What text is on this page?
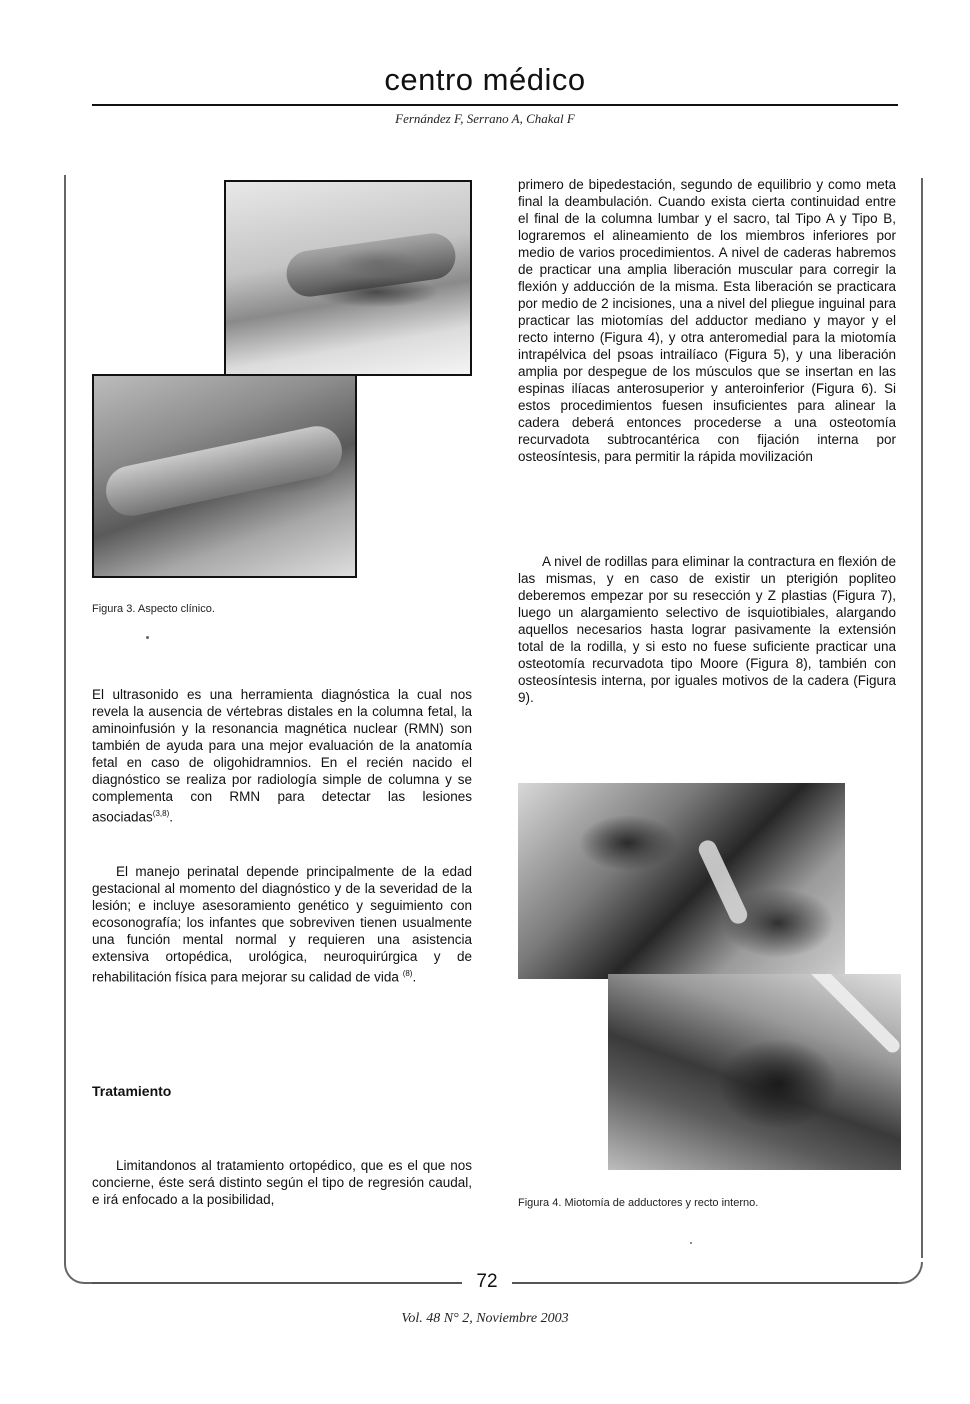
centro médico
Fernández F, Serrano A, Chakal F
Figura 3. Aspecto clínico.
El ultrasonido es una herramienta diagnóstica la cual nos revela la ausencia de vértebras distales en la columna fetal, la aminoinfusión y la resonancia magnética nuclear (RMN) son también de ayuda para una mejor evaluación de la anatomía fetal en caso de oligohidramnios. En el recién nacido el diagnóstico se realiza por radiología simple de columna y se complementa con RMN para detectar las lesiones asociadas$^{(3,8)}$.
El manejo perinatal depende principalmente de la edad gestacional al momento del diagnóstico y de la severidad de la lesión; e incluye asesoramiento genético y seguimiento con ecosonografía; los infantes que sobreviven tienen usualmente una función mental normal y requieren una asistencia extensiva ortopédica, urológica, neuroquirúrgica y de rehabilitación física para mejorar su calidad de vida $^{(8)}$.
Tratamiento
Limitandonos al tratamiento ortopédico, que es el que nos concierne, éste será distinto según el tipo de regresión caudal, e irá enfocado a la posibilidad,
primero de bipedestación, segundo de equilibrio y como meta final la deambulación. Cuando exista cierta continuidad entre el final de la columna lumbar y el sacro, tal Tipo A y Tipo B, lograremos el alineamiento de los miembros inferiores por medio de varios procedimientos. A nivel de caderas habremos de practicar una amplia liberación muscular para corregir la flexión y adducción de la misma. Esta liberación se practicara por medio de 2 incisiones, una a nivel del pliegue inguinal para practicar las miotomías del adductor mediano y mayor y el recto interno (Figura 4), y otra anteromedial para la miotomía intrapélvica del psoas intrailíaco (Figura 5), y una liberación amplia por despegue de los músculos que se insertan en las espinas ilíacas anterosuperior y anteroinferior (Figura 6). Si estos procedimientos fuesen insuficientes para alinear la cadera deberá entonces procederse a una osteotomía recurvadota subtrocantérica con fijación interna por osteosíntesis, para permitir la rápida movilización
A nivel de rodillas para eliminar la contractura en flexión de las mismas, y en caso de existir un pterigión popliteo deberemos empezar por su resección y Z plastias (Figura 7), luego un alargamiento selectivo de isquiotibiales, alargando aquellos necesarios hasta lograr pasivamente la extensión total de la rodilla, y si esto no fuese suficiente practicar una osteotomía recurvadota tipo Moore (Figura 8), también con osteosíntesis interna, por iguales motivos de la cadera (Figura 9).
Figura 4. Miotomía de adductores y recto interno.
72
Vol. 48 N° 2, Noviembre 2003
